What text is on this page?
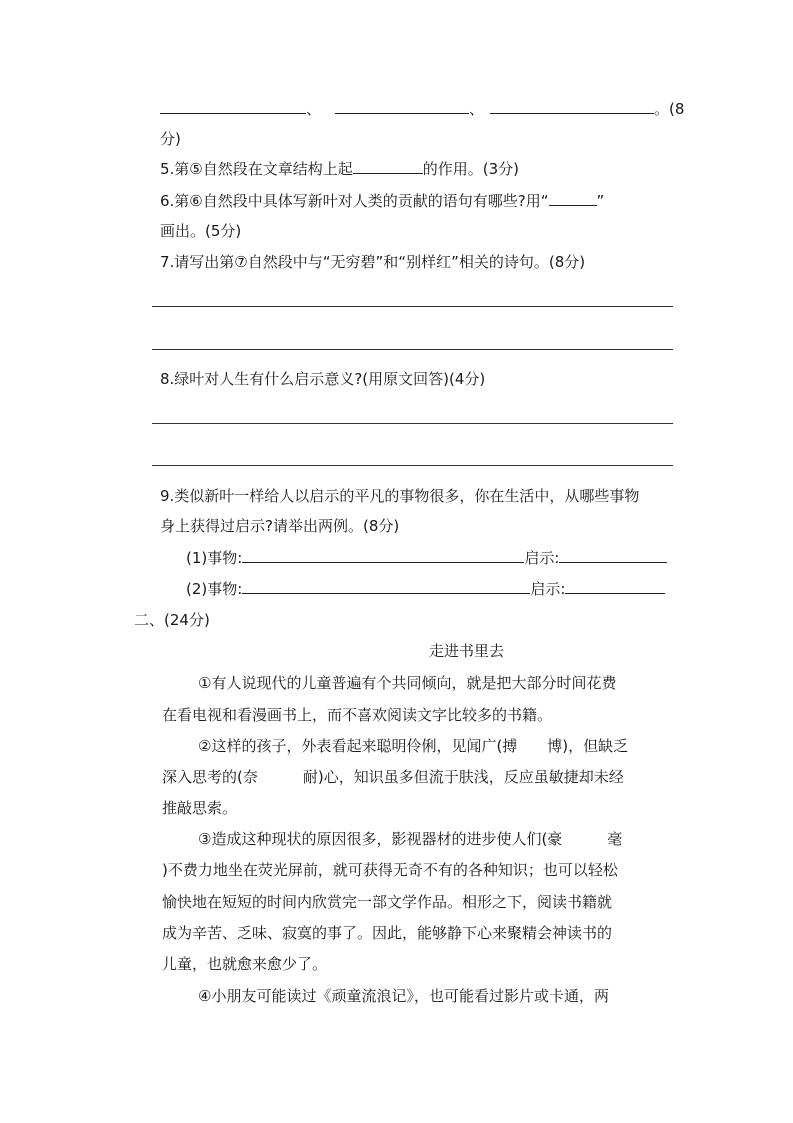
、	、	。(8
分)
5.第⑤自然段在文章结构上起	的作用。(3分)
6.第⑥自然段中具体写新叶对人类的贡献的语句有哪些?用“	”
画出。(5分)
7.请写出第⑦自然段中与“无穷碧”和“别样红”相关的诗句。(8分)
8.绿叶对人生有什么启示意义?(用原文回答)(4分)
9.类似新叶一样给人以启示的平凡的事物很多，你在生活中，从哪些事物
身上获得过启示?请举出两例。(8分)
(1)事物:	启示:
(2)事物:	启示:
二、(24分)
走进书里去
①有人说现代的儿童普遍有个共同倾向，就是把大部分时间花费
在看电视和看漫画书上，而不喜欢阅读文字比较多的书籍。
②这样的孩子，外表看起来聪明伶俐，见闻广(搏　　博)，但缺乏
深入思考的(奈　　　耐)心，知识虽多但流于肤浅，反应虽敏捷却未经
推敲思索。
③造成这种现状的原因很多，影视器材的进步使人们(豪　　　毫
)不费力地坐在荧光屏前，就可获得无奇不有的各种知识；也可以轻松
愉快地在短短的时间内欣赏完一部文学作品。相形之下，阅读书籍就
成为辛苦、乏味、寂寞的事了。因此，能够静下心来聚精会神读书的
儿童，也就愈来愈少了。
④小朋友可能读过《顽童流浪记》，也可能看过影片或卡通，两
